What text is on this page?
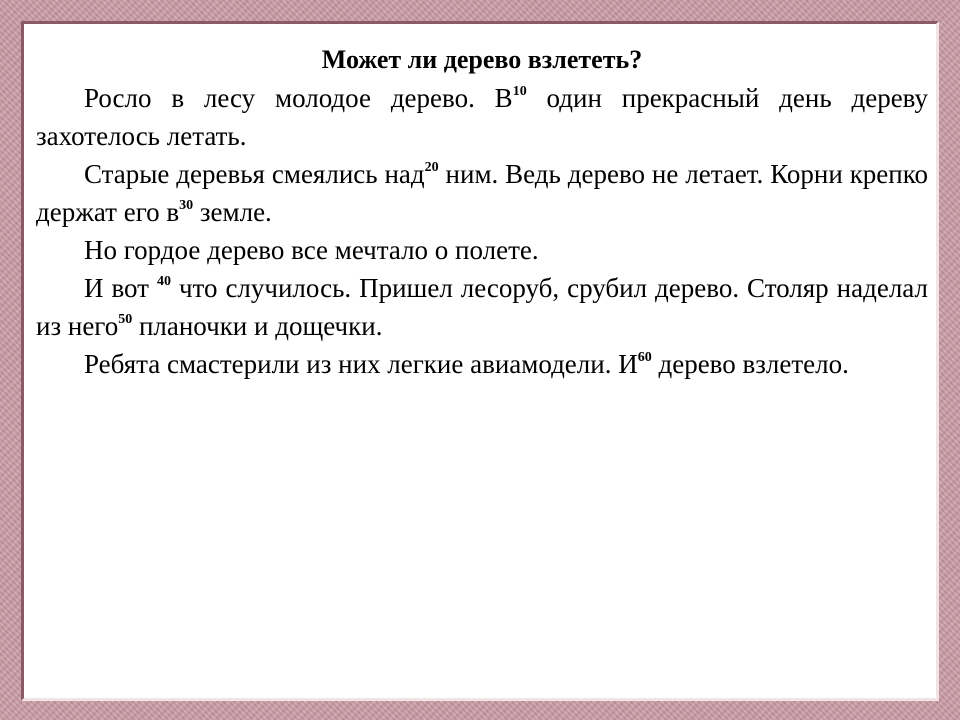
Может ли дерево взлететь?

Росло в лесу молодое дерево. $В^{10}$ один прекрасный день дереву захотелось летать.

Старые деревья смеялись над$^{20}$ ним. Ведь дерево не летает. Корни крепко держат его $в^{30}$ земле.

Но гордое дерево все мечтало о полете.

И вот $^{40}$ что случилось. Пришел лесоруб, срубил дерево. Столяр наделал из него$^{50}$ планочки и дощечки.

Ребята смастерили из них легкие авиамодели. $И^{60}$ дерево взлетело.
